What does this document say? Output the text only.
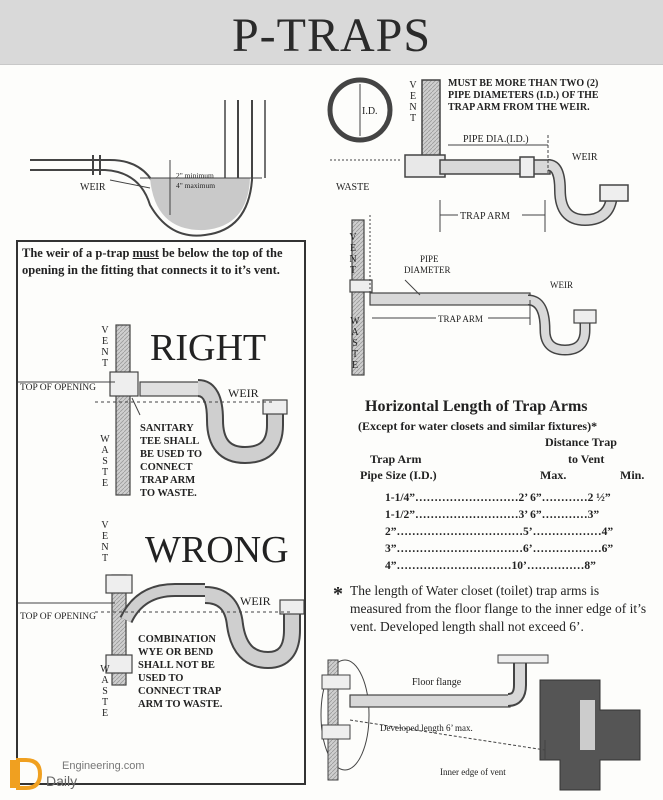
P-TRAPS
WEIR
2" minimum
4" maximum
I.D.
PIPE DIA.(I.D.)
WEIR
WASTE
TRAP ARM
MUST BE MORE THAN TWO (2)
PIPE DIAMETERS (I.D.) OF THE
TRAP ARM FROM THE WEIR.
PIPE
DIAMETER
WEIR
TRAP ARM
Floor flange
Developed length 6’ max.
Inner edge of vent
V
E
N
T
V
E
N
T
W
A
S
T
E
V
E
N
T
W
A
S
T
E
V
E
N
T
W
A
S
T
E
The weir of a p-trap must be below the top of the opening in the fitting that connects it to it’s vent.
RIGHT
TOP OF OPENING	WEIR
SANITARY
TEE SHALL
BE USED TO
CONNECT
TRAP ARM
TO WASTE.
WRONG
TOP OF OPENING
WEIR
COMBINATION
WYE OR BEND
SHALL NOT BE
USED TO
CONNECT TRAP
ARM TO WASTE.
Horizontal Length of Trap Arms
(Except for water closets and similar fixtures)*
Distance Trap
to Vent
Trap Arm
Pipe Size (I.D.)	Max.	Min.
1-1/4”………………………2’ 6”…………2 ½”
1-1/2”………………………3’ 6”…………3”
2”……………………………5’………………4”
3”……………………………6’………………6”
4”…………………………10’……………8”
* The length of Water closet (toilet) trap arms is measured from the floor flange to the inner edge of it’s vent. Developed length shall not exceed 6’.
Engineering.com
Daily
